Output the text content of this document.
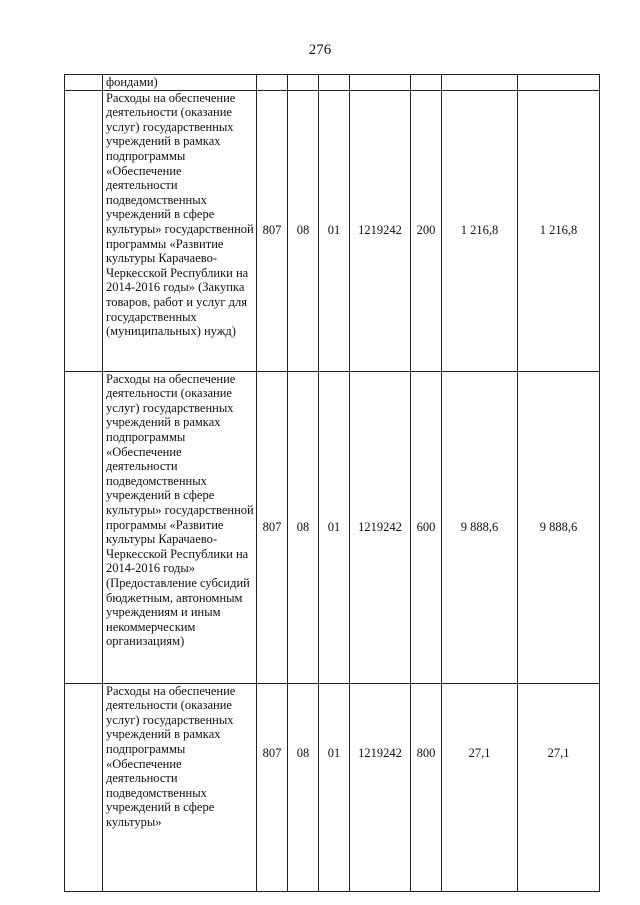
276
	фондами)							
	Расходы на обеспечение деятельности (оказание услуг) государственных учреждений в рамках подпрограммы «Обеспечение деятельности подведомственных учреждений в сфере культуры» государственной программы «Развитие культуры Карачаево-Черкесской Республики на 2014-2016 годы» (Закупка товаров, работ и услуг для государственных (муниципальных) нужд)	807	08	01	1219242	200	1 216,8	1 216,8
	Расходы на обеспечение деятельности (оказание услуг) государственных учреждений в рамках подпрограммы «Обеспечение деятельности подведомственных учреждений в сфере культуры» государственной программы «Развитие культуры Карачаево-Черкесской Республики на 2014-2016 годы» (Предоставление субсидий бюджетным, автономным учреждениям и иным некоммерческим организациям)	807	08	01	1219242	600	9 888,6	9 888,6
	Расходы на обеспечение деятельности (оказание услуг) государственных учреждений в рамках подпрограммы «Обеспечение деятельности подведомственных учреждений в сфере культуры»	807	08	01	1219242	800	27,1	27,1
